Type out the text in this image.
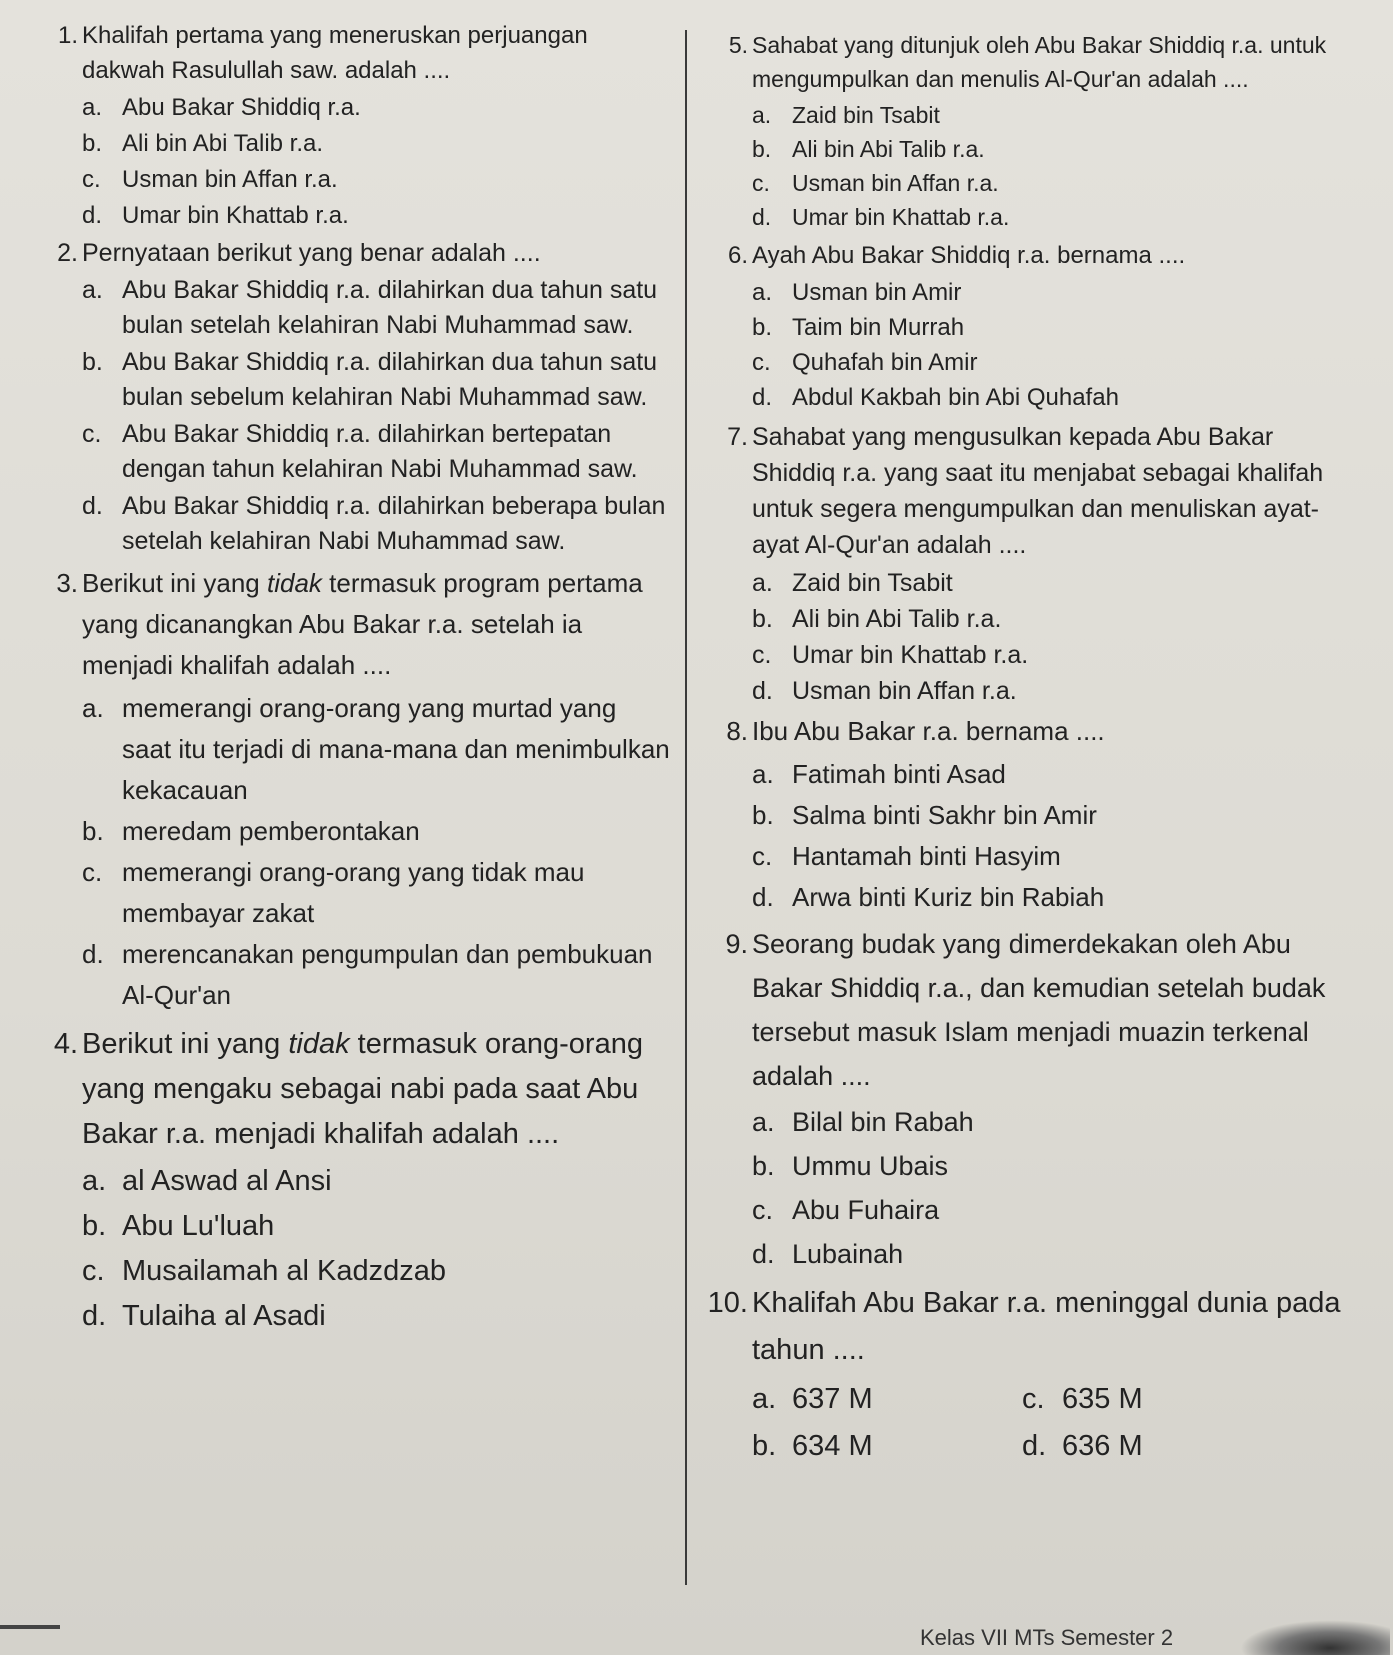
1. Khalifah pertama yang meneruskan perjuangan dakwah Rasulullah saw. adalah ....
a. Abu Bakar Shiddiq r.a.
b. Ali bin Abi Talib r.a.
c. Usman bin Affan r.a.
d. Umar bin Khattab r.a.
2. Pernyataan berikut yang benar adalah ....
a. Abu Bakar Shiddiq r.a. dilahirkan dua tahun satu bulan setelah kelahiran Nabi Muhammad saw.
b. Abu Bakar Shiddiq r.a. dilahirkan dua tahun satu bulan sebelum kelahiran Nabi Muhammad saw.
c. Abu Bakar Shiddiq r.a. dilahirkan bertepatan dengan tahun kelahiran Nabi Muhammad saw.
d. Abu Bakar Shiddiq r.a. dilahirkan beberapa bulan setelah kelahiran Nabi Muhammad saw.
3. Berikut ini yang tidak termasuk program pertama yang dicanangkan Abu Bakar r.a. setelah ia menjadi khalifah adalah ....
a. memerangi orang-orang yang murtad yang saat itu terjadi di mana-mana dan menimbulkan kekacauan
b. meredam pemberontakan
c. memerangi orang-orang yang tidak mau membayar zakat
d. merencanakan pengumpulan dan pembukuan Al-Qur'an
4. Berikut ini yang tidak termasuk orang-orang yang mengaku sebagai nabi pada saat Abu Bakar r.a. menjadi khalifah adalah ....
a. al Aswad al Ansi
b. Abu Lu'luah
c. Musailamah al Kadzdzab
d. Tulaiha al Asadi
5. Sahabat yang ditunjuk oleh Abu Bakar Shiddiq r.a. untuk mengumpulkan dan menulis Al-Qur'an adalah ....
a. Zaid bin Tsabit
b. Ali bin Abi Talib r.a.
c. Usman bin Affan r.a.
d. Umar bin Khattab r.a.
6. Ayah Abu Bakar Shiddiq r.a. bernama ....
a. Usman bin Amir
b. Taim bin Murrah
c. Quhafah bin Amir
d. Abdul Kakbah bin Abi Quhafah
7. Sahabat yang mengusulkan kepada Abu Bakar Shiddiq r.a. yang saat itu menjabat sebagai khalifah untuk segera mengumpulkan dan menuliskan ayat-ayat Al-Qur'an adalah ....
a. Zaid bin Tsabit
b. Ali bin Abi Talib r.a.
c. Umar bin Khattab r.a.
d. Usman bin Affan r.a.
8. Ibu Abu Bakar r.a. bernama ....
a. Fatimah binti Asad
b. Salma binti Sakhr bin Amir
c. Hantamah binti Hasyim
d. Arwa binti Kuriz bin Rabiah
9. Seorang budak yang dimerdekakan oleh Abu Bakar Shiddiq r.a., dan kemudian setelah budak tersebut masuk Islam menjadi muazin terkenal adalah ....
a. Bilal bin Rabah
b. Ummu Ubais
c. Abu Fuhaira
d. Lubainah
10. Khalifah Abu Bakar r.a. meninggal dunia pada tahun ....
a. 637 M	c. 635 M
b. 634 M	d. 636 M
Kelas VII MTs Semester 2
